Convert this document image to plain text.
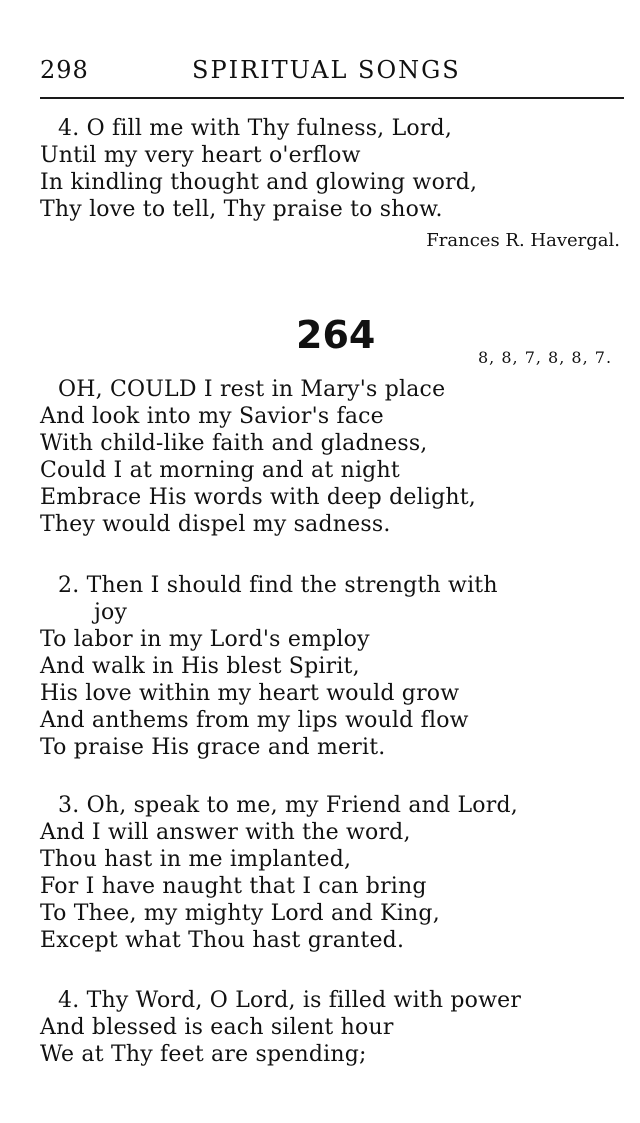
298	SPIRITUAL SONGS
4. O fill me with Thy fulness, Lord,
Until my very heart o'erflow
In kindling thought and glowing word,
Thy love to tell, Thy praise to show.
Frances R. Havergal.
264
8, 8, 7, 8, 8, 7.
OH, COULD I rest in Mary's place
And look into my Savior's face
With child-like faith and gladness,
Could I at morning and at night
Embrace His words with deep delight,
They would dispel my sadness.
2. Then I should find the strength with
joy
To labor in my Lord's employ
And walk in His blest Spirit,
His love within my heart would grow
And anthems from my lips would flow
To praise His grace and merit.
3. Oh, speak to me, my Friend and Lord,
And I will answer with the word,
Thou hast in me implanted,
For I have naught that I can bring
To Thee, my mighty Lord and King,
Except what Thou hast granted.
4. Thy Word, O Lord, is filled with power
And blessed is each silent hour
We at Thy feet are spending;
